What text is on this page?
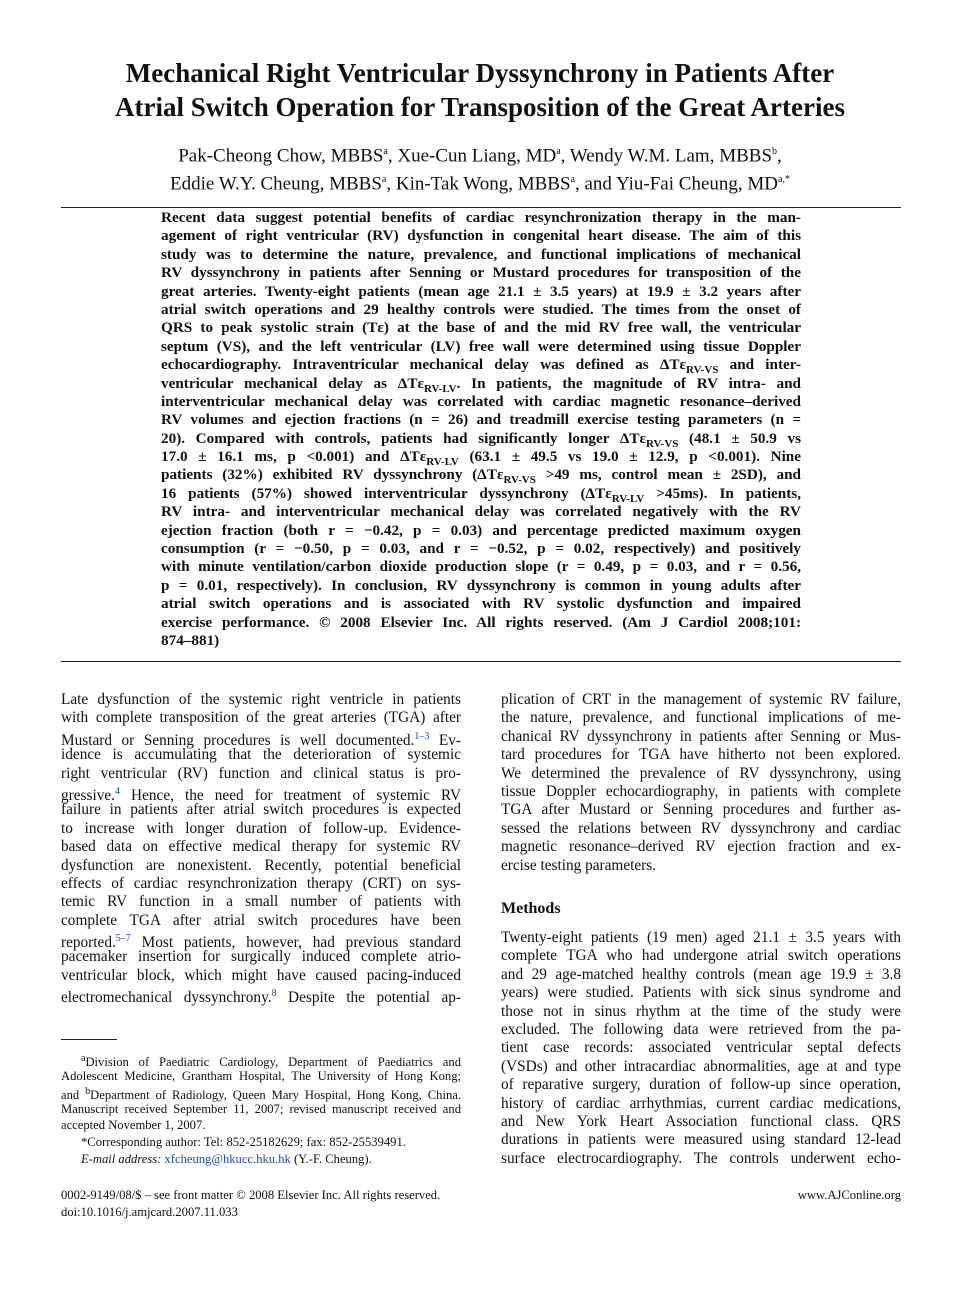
Mechanical Right Ventricular Dyssynchrony in Patients After
Atrial Switch Operation for Transposition of the Great Arteries
Pak-Cheong Chow, MBBS$^a$, Xue-Cun Liang, $MD^a$, Wendy W.M. Lam, MBBS$^b$,
Eddie W.Y. Cheung, MBBS$^a$, Kin-Tak Wong, MBBS$^a$, and Yiu-Fai Cheung, $MD^{a,*}$
Recent data suggest potential benefits of cardiac resynchronization therapy in the man-
agement of right ventricular (RV) dysfunction in congenital heart disease. The aim of this
study was to determine the nature, prevalence, and functional implications of mechanical
RV dyssynchrony in patients after Senning or Mustard procedures for transposition of the
great arteries. Twenty-eight patients (mean age 21.1 ± 3.5 years) at 19.9 ± 3.2 years after
atrial switch operations and 29 healthy controls were studied. The times from the onset of
QRS to peak systolic strain (Tε) at the base of and the mid RV free wall, the ventricular
septum (VS), and the left ventricular (LV) free wall were determined using tissue Doppler
echocardiography. Intraventricular mechanical delay was defined as ΔTε$_{RV-VS}$ and inter-
ventricular mechanical delay as ΔTε$_{RV-LV}$. In patients, the magnitude of RV intra- and
interventricular mechanical delay was correlated with cardiac magnetic resonance–derived
RV volumes and ejection fractions (n = 26) and treadmill exercise testing parameters (n =
20). Compared with controls, patients had significantly longer ΔTε$_{RV-VS}$ (48.1 ± 50.9 vs
17.0 ± 16.1 ms, p <0.001) and ΔTε$_{RV-LV}$ (63.1 ± 49.5 vs 19.0 ± 12.9, p <0.001). Nine
patients (32%) exhibited RV dyssynchrony (ΔTε$_{RV-VS}$ >49 ms, control mean ± 2SD), and
16 patients (57%) showed interventricular dyssynchrony (ΔTε$_{RV-LV}$ >45ms). In patients,
RV intra- and interventricular mechanical delay was correlated negatively with the RV
ejection fraction (both r = −0.42, p = 0.03) and percentage predicted maximum oxygen
consumption (r = −0.50, p = 0.03, and r = −0.52, p = 0.02, respectively) and positively
with minute ventilation/carbon dioxide production slope (r = 0.49, p = 0.03, and r = 0.56,
p = 0.01, respectively). In conclusion, RV dyssynchrony is common in young adults after
atrial switch operations and is associated with RV systolic dysfunction and impaired
exercise performance. © 2008 Elsevier Inc. All rights reserved. (Am J Cardiol 2008;101:
874–881)
Late dysfunction of the systemic right ventricle in patients
with complete transposition of the great arteries (TGA) after
Mustard or Senning procedures is well documented.$^{1-3}$ Ev-
idence is accumulating that the deterioration of systemic
right ventricular (RV) function and clinical status is pro-
gressive.$^4$ Hence, the need for treatment of systemic RV
failure in patients after atrial switch procedures is expected
to increase with longer duration of follow-up. Evidence-
based data on effective medical therapy for systemic RV
dysfunction are nonexistent. Recently, potential beneficial
effects of cardiac resynchronization therapy (CRT) on sys-
temic RV function in a small number of patients with
complete TGA after atrial switch procedures have been
reported.$^{5-7}$ Most patients, however, had previous standard
pacemaker insertion for surgically induced complete atrio-
ventricular block, which might have caused pacing-induced
electromechanical dyssynchrony.$^8$ Despite the potential ap-
plication of CRT in the management of systemic RV failure,
the nature, prevalence, and functional implications of me-
chanical RV dyssynchrony in patients after Senning or Mus-
tard procedures for TGA have hitherto not been explored.
We determined the prevalence of RV dyssynchrony, using
tissue Doppler echocardiography, in patients with complete
TGA after Mustard or Senning procedures and further as-
sessed the relations between RV dyssynchrony and cardiac
magnetic resonance–derived RV ejection fraction and ex-
ercise testing parameters.
Methods
Twenty-eight patients (19 men) aged 21.1 ± 3.5 years with
complete TGA who had undergone atrial switch operations
and 29 age-matched healthy controls (mean age 19.9 ± 3.8
years) were studied. Patients with sick sinus syndrome and
those not in sinus rhythm at the time of the study were
excluded. The following data were retrieved from the pa-
tient case records: associated ventricular septal defects
(VSDs) and other intracardiac abnormalities, age at and type
of reparative surgery, duration of follow-up since operation,
history of cardiac arrhythmias, current cardiac medications,
and New York Heart Association functional class. QRS
durations in patients were measured using standard 12-lead
surface electrocardiography. The controls underwent echo-
$^a$Division of Paediatric Cardiology, Department of Paediatrics and
Adolescent Medicine, Grantham Hospital, The University of Hong Kong;
and $^b$Department of Radiology, Queen Mary Hospital, Hong Kong, China.
Manuscript received September 11, 2007; revised manuscript received and
accepted November 1, 2007.
*Corresponding author: Tel: 852-25182629; fax: 852-25539491.
E-mail address: xfcheung@hkucc.hku.hk (Y.-F. Cheung).
0002-9149/08/$ – see front matter © 2008 Elsevier Inc. All rights reserved.
doi:10.1016/j.amjcard.2007.11.033
www.AJConline.org
